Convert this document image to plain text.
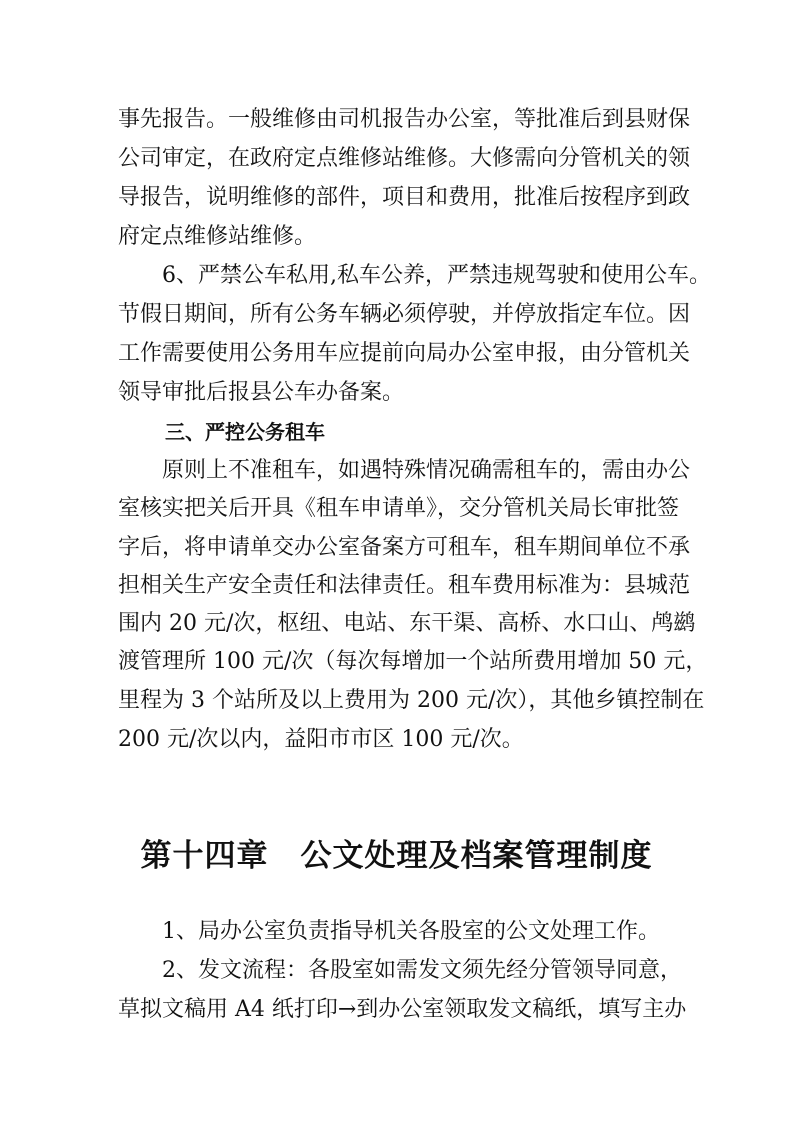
事先报告。一般维修由司机报告办公室，等批准后到县财保
公司审定，在政府定点维修站维修。大修需向分管机关的领
导报告，说明维修的部件，项目和费用，批准后按程序到政
府定点维修站维修。
6、严禁公车私用,私车公养，严禁违规驾驶和使用公车。
节假日期间，所有公务车辆必须停驶，并停放指定车位。因
工作需要使用公务用车应提前向局办公室申报，由分管机关
领导审批后报县公车办备案。
三、严控公务租车
原则上不准租车，如遇特殊情况确需租车的，需由办公
室核实把关后开具《租车申请单》，交分管机关局长审批签
字后，将申请单交办公室备案方可租车，租车期间单位不承
担相关生产安全责任和法律责任。租车费用标准为：县城范
围内 20 元/次，枢纽、电站、东干渠、高桥、水口山、鸬鹚
渡管理所 100 元/次（每次每增加一个站所费用增加 50 元，
里程为 3 个站所及以上费用为 200 元/次），其他乡镇控制在
200 元/次以内，益阳市市区 100 元/次。
第十四章　公文处理及档案管理制度
1、局办公室负责指导机关各股室的公文处理工作。
2、发文流程：各股室如需发文须先经分管领导同意，
草拟文稿用 A4 纸打印→到办公室领取发文稿纸，填写主办
